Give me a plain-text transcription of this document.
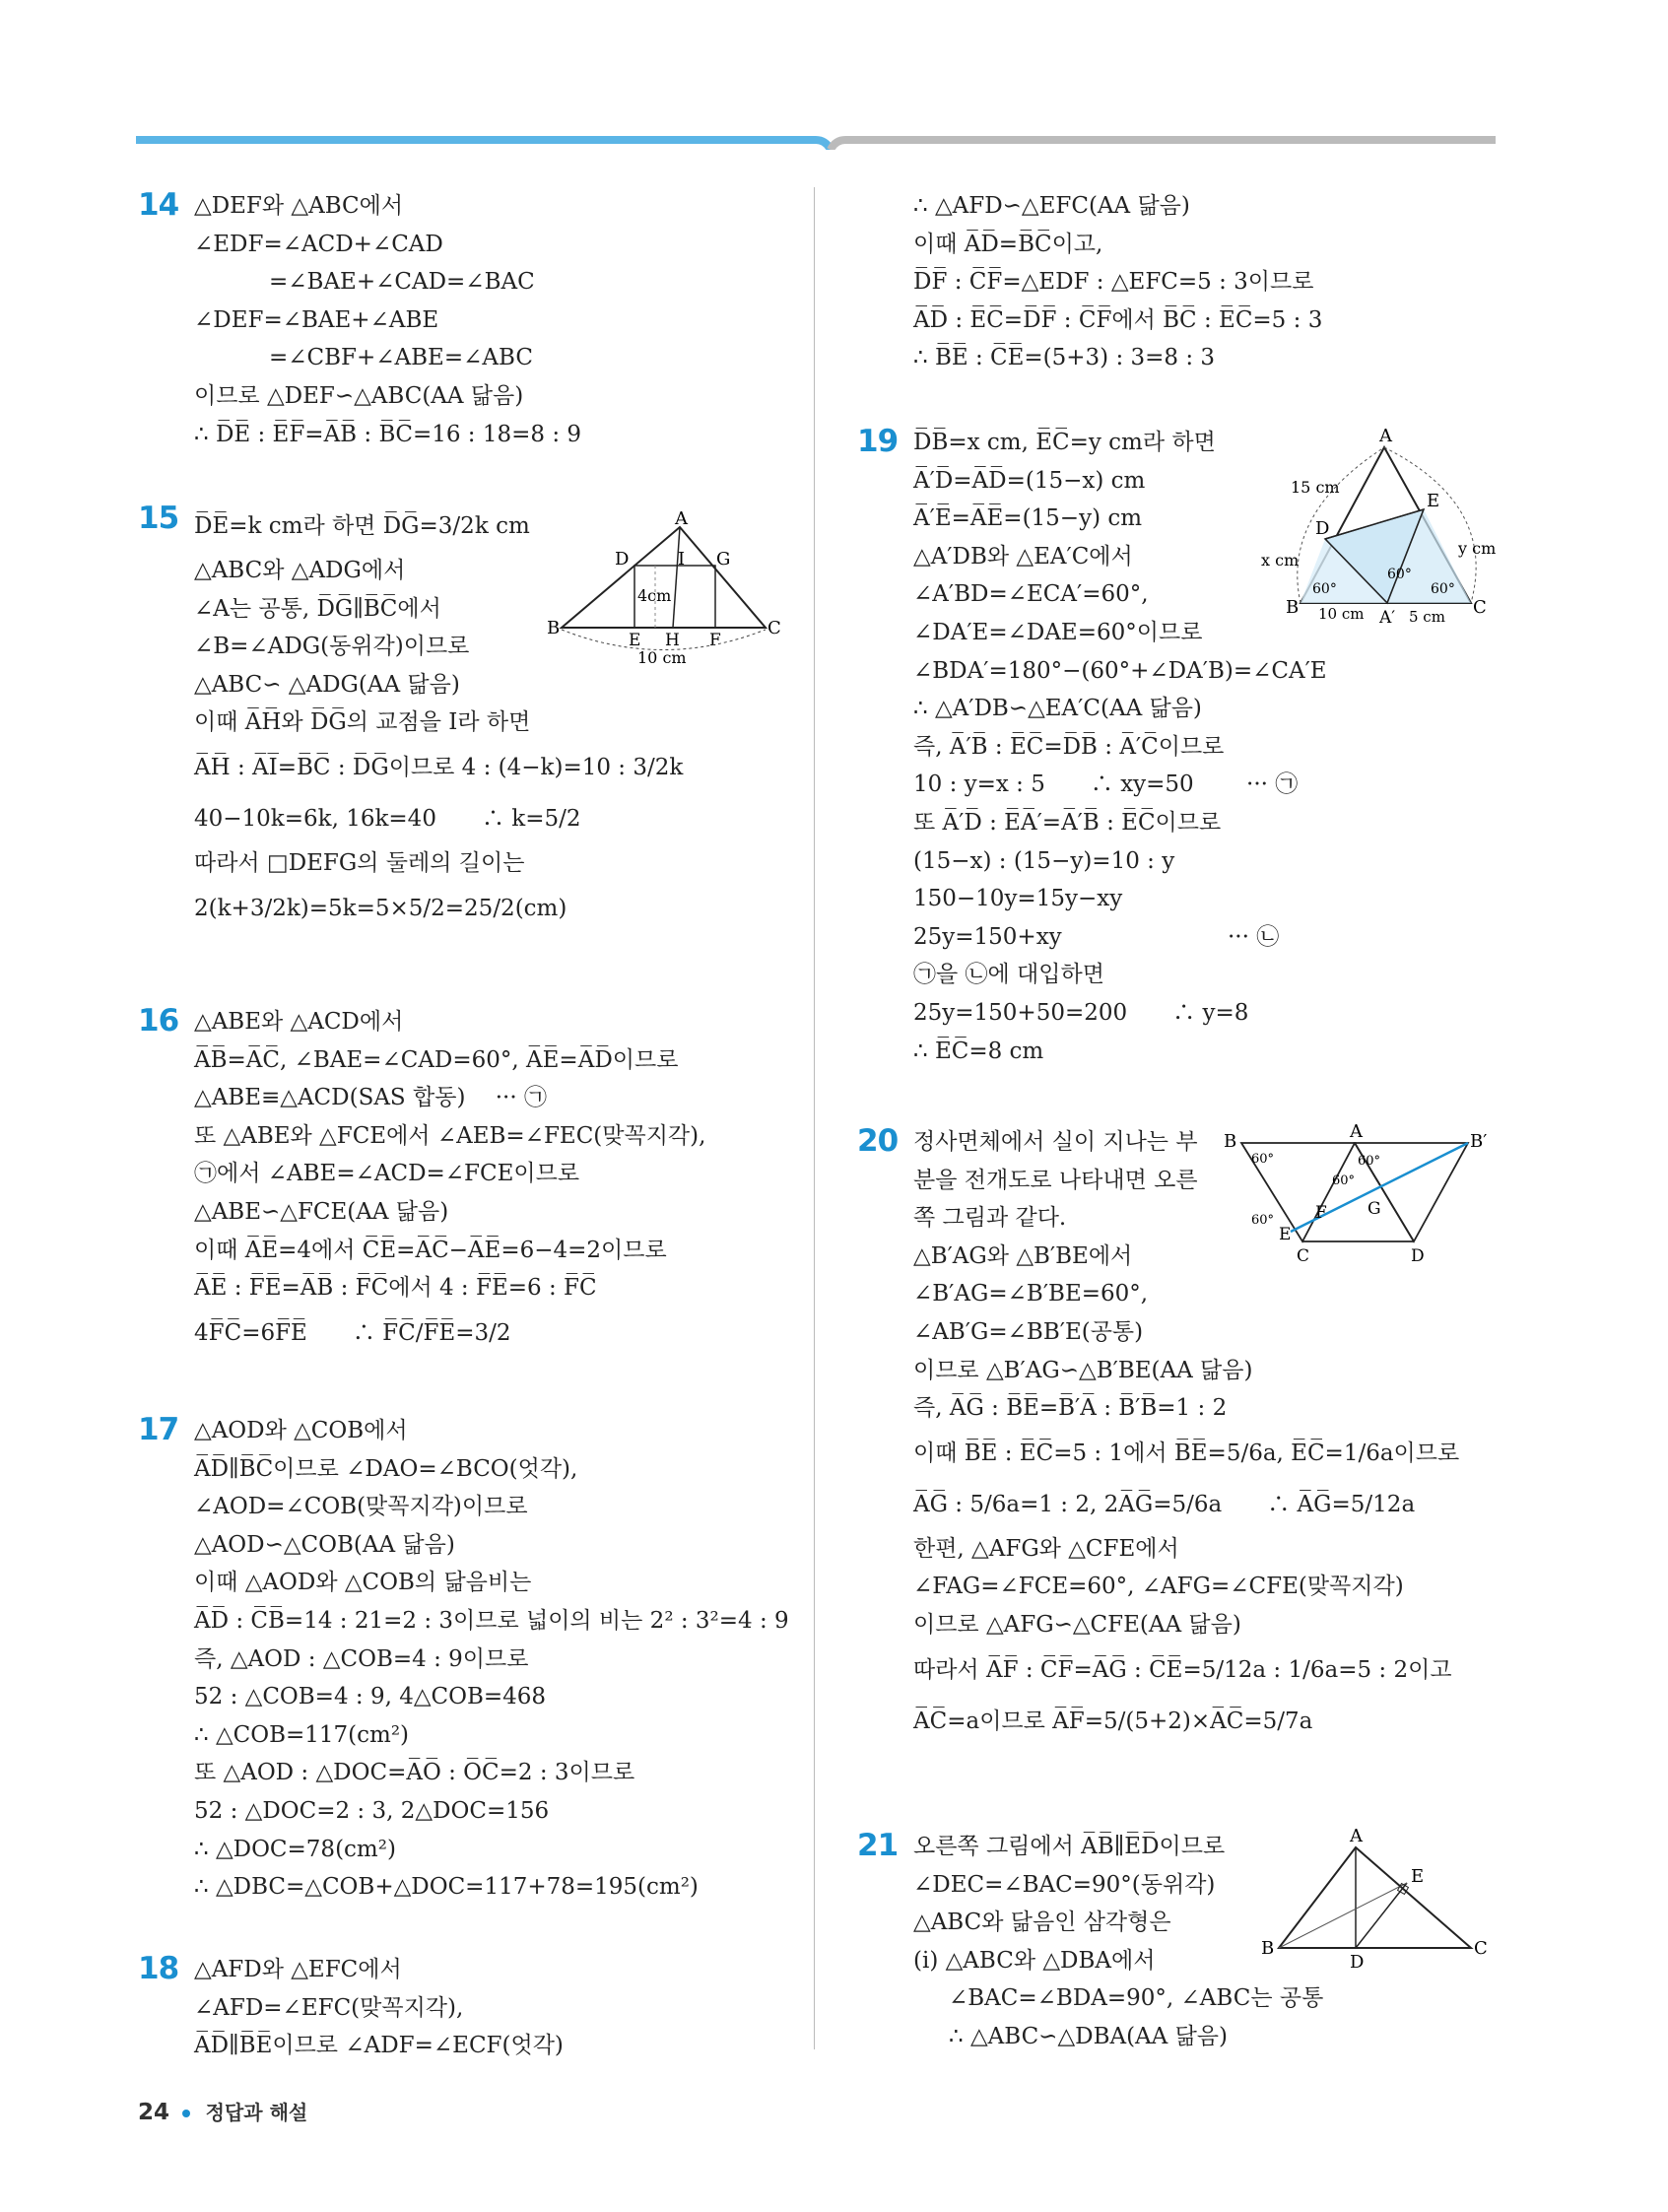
14 △DEF와 △ABC에서
∠EDF=∠ACD+∠CAD
=∠BAE+∠CAD=∠BAC
∠DEF=∠BAE+∠ABE
=∠CBF+∠ABE=∠ABC
이므로 △DEF∽△ABC(AA 닮음)
∴ D̅E̅ : E̅F̅=A̅B̅ : B̅C̅=16 : 18=8 : 9
15 D̅E̅=k cm라 하면 D̅G̅=3/2k cm
△ABC와 △ADG에서
∠A는 공통, D̅G̅∥B̅C̅에서
∠B=∠ADG(동위각)이므로
△ABC∽ △ADG(AA 닮음)
이때 A̅H̅와 D̅G̅의 교점을 I라 하면
A̅H̅ : A̅I̅=B̅C̅ : D̅G̅이므로 4 : (4−k)=10 : 3/2k
40−10k=6k, 16k=40　　∴ k=5/2
따라서 □DEFG의 둘레의 길이는
2(k+3/2k)=5k=5×5/2=25/2(cm)
16 △ABE와 △ACD에서
A̅B̅=A̅C̅, ∠BAE=∠CAD=60°, A̅E̅=A̅D̅이므로
△ABE≡△ACD(SAS 합동)　 ··· ㉠
또 △ABE와 △FCE에서 ∠AEB=∠FEC(맞꼭지각),
㉠에서 ∠ABE=∠ACD=∠FCE이므로
△ABE∽△FCE(AA 닮음)
이때 A̅E̅=4에서 C̅E̅=A̅C̅−A̅E̅=6−4=2이므로
A̅E̅ : F̅E̅=A̅B̅ : F̅C̅에서 4 : F̅E̅=6 : F̅C̅
4F̅C̅=6F̅E̅　　∴ F̅C̅/F̅E̅=3/2
17 △AOD와 △COB에서
A̅D̅∥B̅C̅이므로 ∠DAO=∠BCO(엇각),
∠AOD=∠COB(맞꼭지각)이므로
△AOD∽△COB(AA 닮음)
이때 △AOD와 △COB의 닮음비는
A̅D̅ : C̅B̅=14 : 21=2 : 3이므로 넓이의 비는 2² : 3²=4 : 9
즉, △AOD : △COB=4 : 9이므로
52 : △COB=4 : 9, 4△COB=468
∴ △COB=117(cm²)
또 △AOD : △DOC=A̅O̅ : O̅C̅=2 : 3이므로
52 : △DOC=2 : 3, 2△DOC=156
∴ △DOC=78(cm²)
∴ △DBC=△COB+△DOC=117+78=195(cm²)
18 △AFD와 △EFC에서
∠AFD=∠EFC(맞꼭지각),
A̅D̅∥B̅E̅이므로 ∠ADF=∠ECF(엇각)
∴ △AFD∽△EFC(AA 닮음)
이때 A̅D̅=B̅C̅이고,
D̅F̅ : C̅F̅=△EDF : △EFC=5 : 3이므로
A̅D̅ : E̅C̅=D̅F̅ : C̅F̅에서 B̅C̅ : E̅C̅=5 : 3
∴ B̅E̅ : C̅E̅=(5+3) : 3=8 : 3
19 D̅B̅=x cm, E̅C̅=y cm라 하면
A̅′D̅=A̅D̅=(15−x) cm
A̅′E̅=A̅E̅=(15−y) cm
△A′DB와 △EA′C에서
∠A′BD=∠ECA′=60°,
∠DA′E=∠DAE=60°이므로
∠BDA′=180°−(60°+∠DA′B)=∠CA′E
∴ △A′DB∽△EA′C(AA 닮음)
즉, A̅′B̅ : E̅C̅=D̅B̅ : A̅′C̅이므로
10 : y=x : 5　　∴ xy=50　　 ··· ㉠
또 A̅′D̅ : E̅A̅′=A̅′B̅ : E̅C̅이므로
(15−x) : (15−y)=10 : y
150−10y=15y−xy
25y=150+xy　　　　　　　 ··· ㉡
㉠을 ㉡에 대입하면
25y=150+50=200　　∴ y=8
∴ E̅C̅=8 cm
20 정사면체에서 실이 지나는 부
분을 전개도로 나타내면 오른
쪽 그림과 같다.
△B′AG와 △B′BE에서
∠B′AG=∠B′BE=60°,
∠AB′G=∠BB′E(공통)
이므로 △B′AG∽△B′BE(AA 닮음)
즉, A̅G̅ : B̅E̅=B̅′A̅ : B̅′B̅=1 : 2
이때 B̅E̅ : E̅C̅=5 : 1에서 B̅E̅=5/6a, E̅C̅=1/6a이므로
A̅G̅ : 5/6a=1 : 2, 2A̅G̅=5/6a　　∴ A̅G̅=5/12a
한편, △AFG와 △CFE에서
∠FAG=∠FCE=60°, ∠AFG=∠CFE(맞꼭지각)
이므로 △AFG∽△CFE(AA 닮음)
따라서 A̅F̅ : C̅F̅=A̅G̅ : C̅E̅=5/12a : 1/6a=5 : 2이고
A̅C̅=a이므로 A̅F̅=5/(5+2)×A̅C̅=5/7a
21 오른쪽 그림에서 A̅B̅∥E̅D̅이므로
∠DEC=∠BAC=90°(동위각)
△ABC와 닮음인 삼각형은
(ⅰ) △ABC와 △DBA에서
∠BAC=∠BDA=90°, ∠ABC는 공통
∴ △ABC∽△DBA(AA 닮음)
A
B	C
D	G
I
E H F
4cm
10 cm
A
D
E
B	C
A′
15 cm
x cm
y cm
10 cm	5 cm
60°
60°
60°
B	A	B′
F G
E
C	D
60°	60°
60°
60°
A
E
B
D
C
24 정답과 해설
